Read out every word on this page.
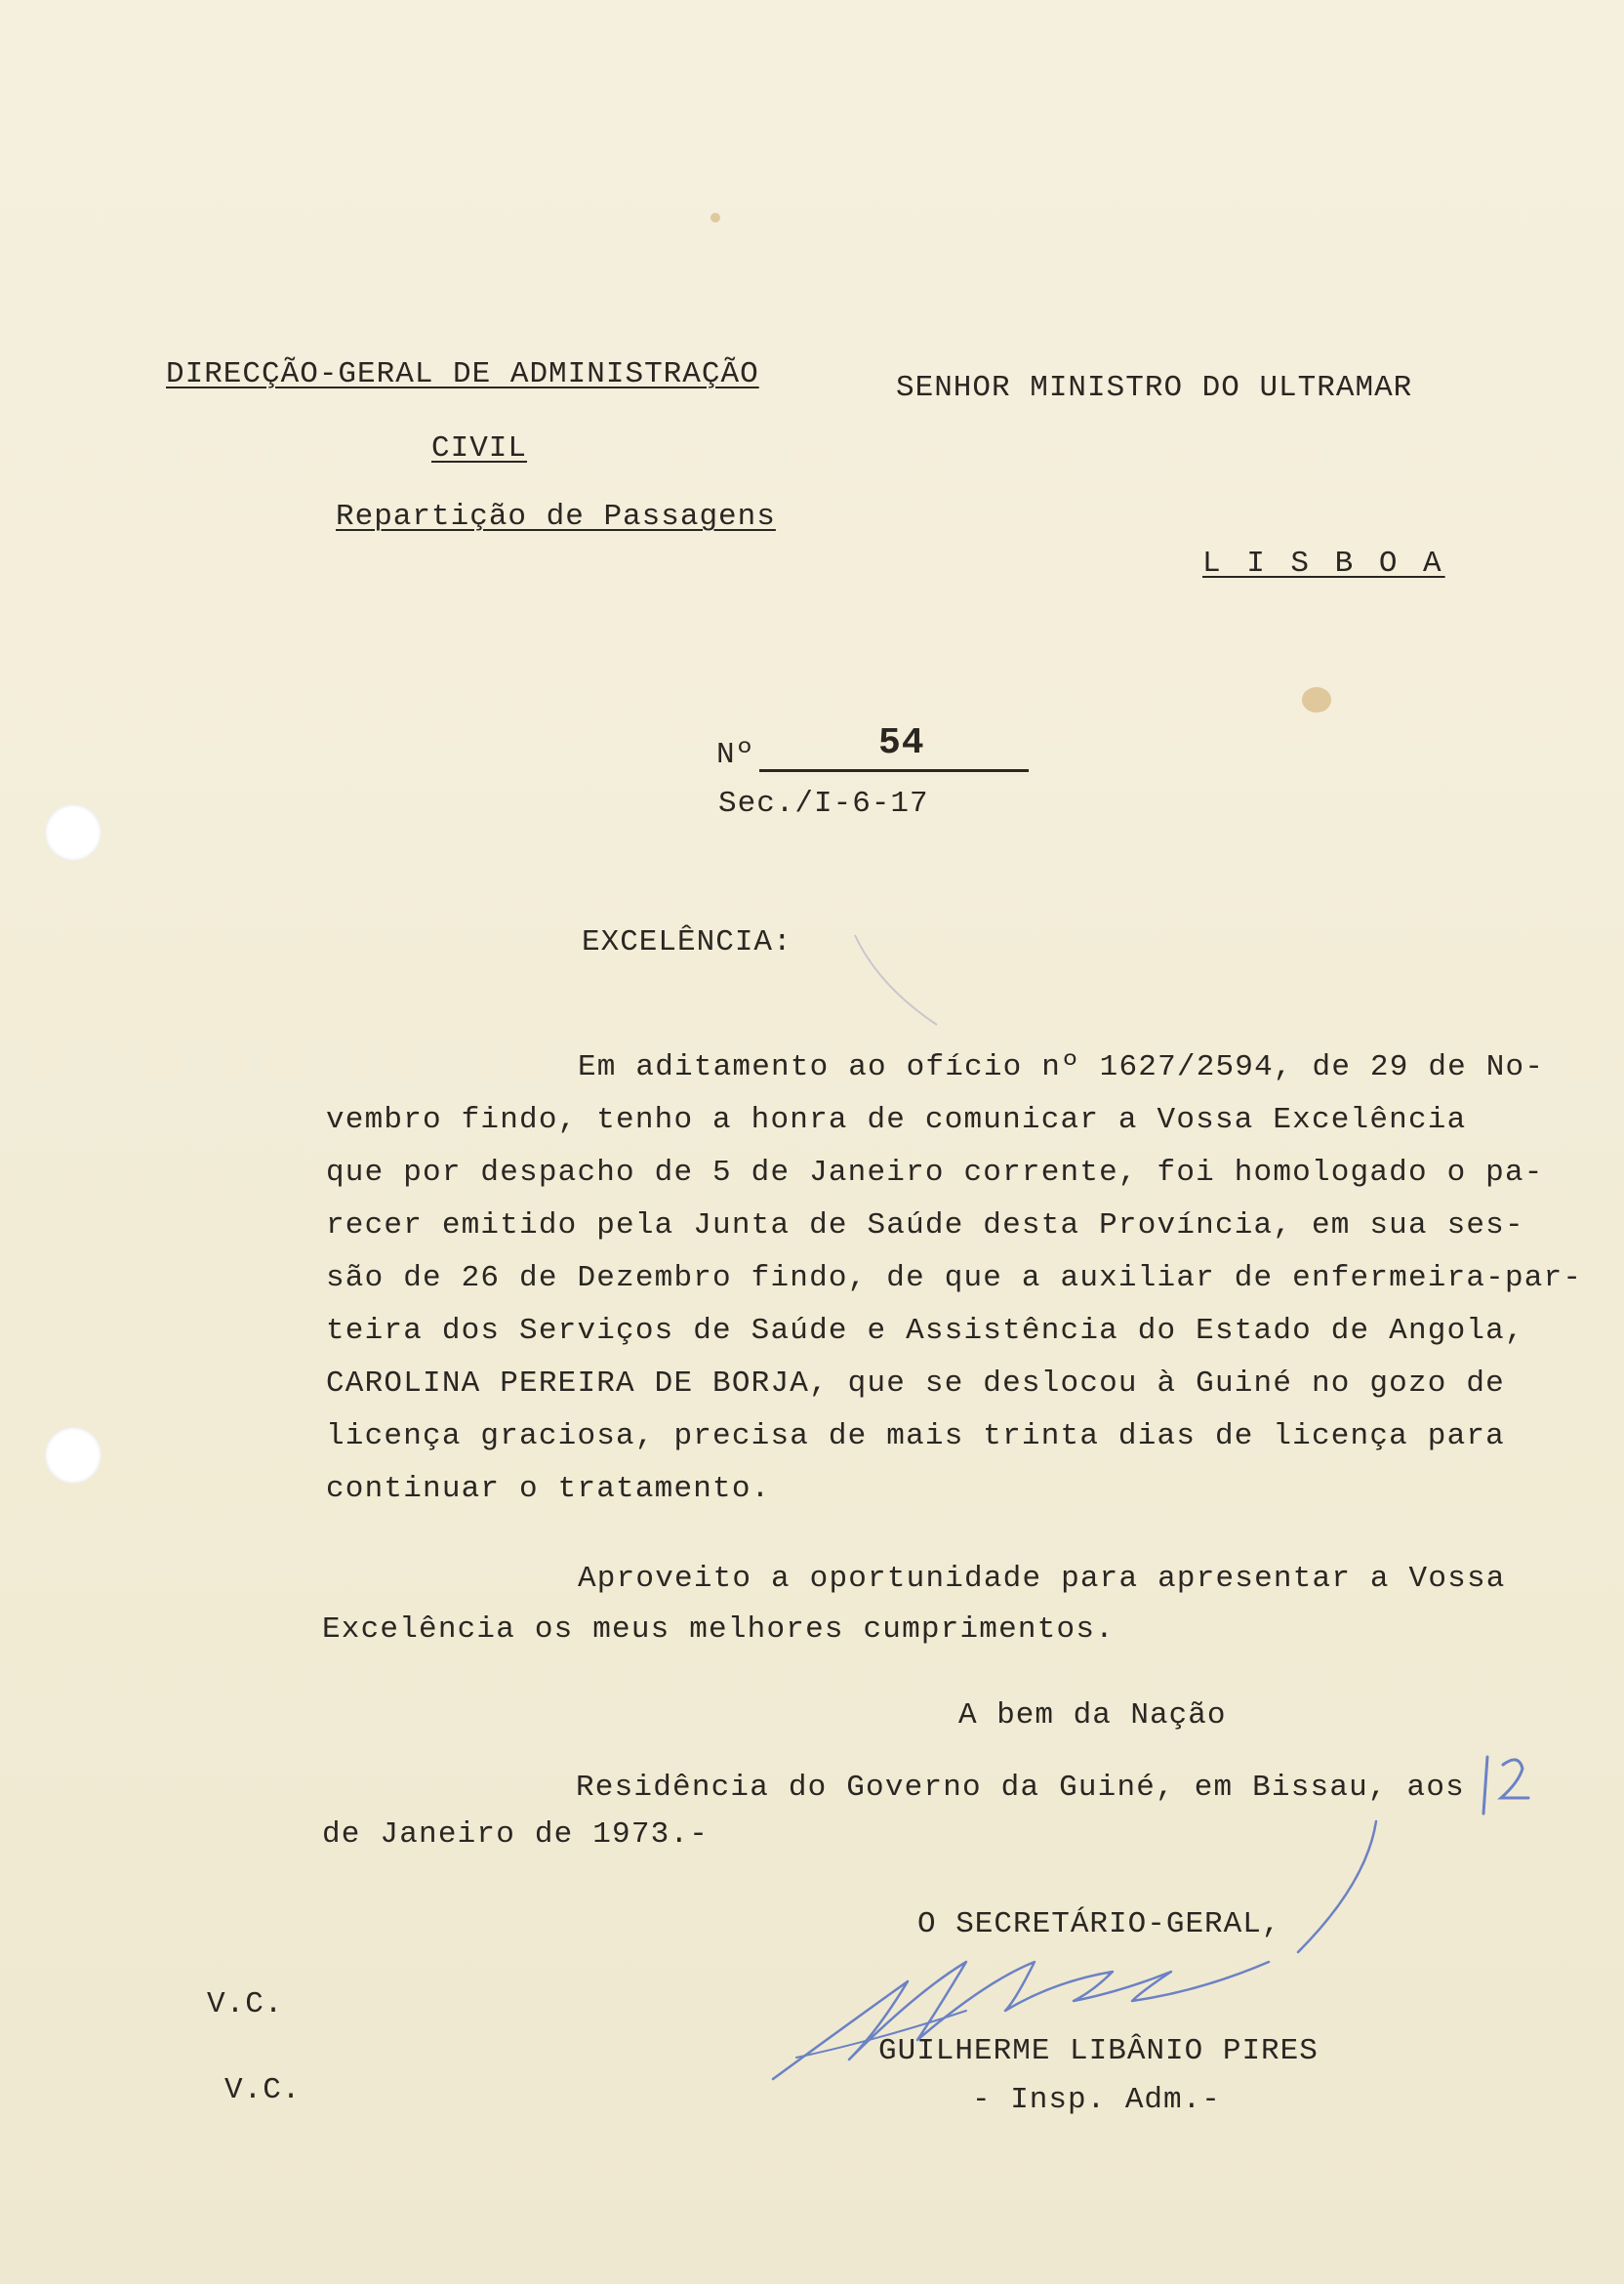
DIRECÇÃO-GERAL DE ADMINISTRAÇÃO
CIVIL
Repartição de Passagens
SENHOR MINISTRO DO ULTRAMAR
L I S B O A
Nº	54
Sec./I-6-17
EXCELÊNCIA:
Em aditamento ao ofício nº 1627/2594, de 29 de No-
vembro findo, tenho a honra de comunicar a Vossa Excelência
que por despacho de 5 de Janeiro corrente, foi homologado o pa-
recer emitido pela Junta de Saúde desta Província, em sua ses-
são de 26 de Dezembro findo, de que a auxiliar de enfermeira-par-
teira dos Serviços de Saúde e Assistência do Estado de Angola,
CAROLINA PEREIRA DE BORJA, que se deslocou à Guiné no gozo de
licença graciosa, precisa de mais trinta dias de licença para
continuar o tratamento.
Aproveito a oportunidade para apresentar a Vossa
Excelência os meus melhores cumprimentos.
A bem da Nação
Residência do Governo da Guiné, em Bissau, aos
de Janeiro de 1973.-
O SECRETÁRIO-GERAL,
GUILHERME LIBÂNIO PIRES
- Insp. Adm.-
V.C.
V.C.
